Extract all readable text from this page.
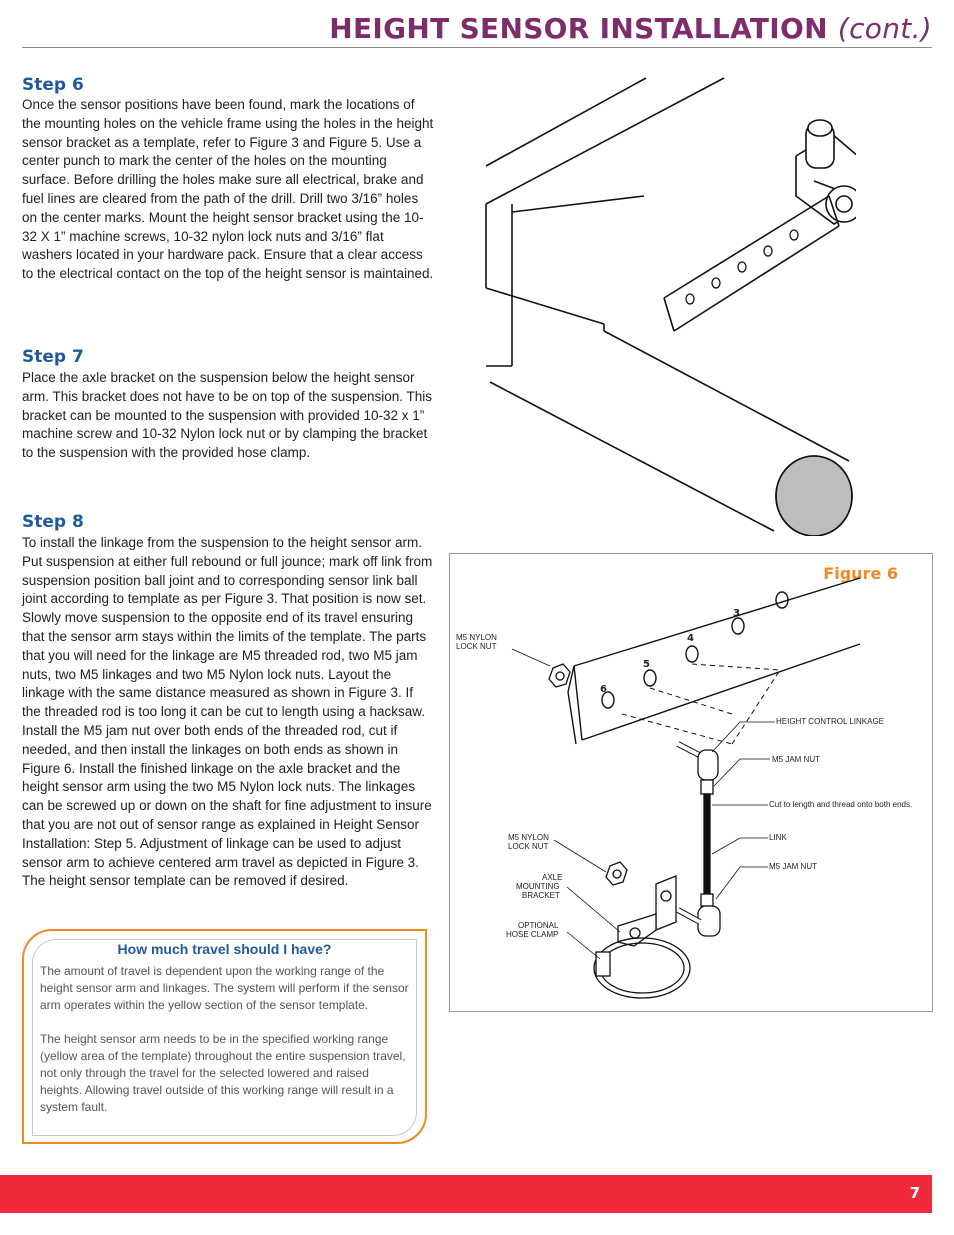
HEIGHT SENSOR INSTALLATION (cont.)
Step 6

Once the sensor positions have been found, mark the locations of the mounting holes on the vehicle frame using the holes in the height sensor bracket as a template, refer to Figure 3 and Figure 5. Use a center punch to mark the center of the holes on the mounting surface. Before drilling the holes make sure all electrical, brake and fuel lines are cleared from the path of the drill. Drill two 3/16” holes on the center marks. Mount the height sensor bracket using the 10-32 X 1” machine screws, 10-32 nylon lock nuts and 3/16” flat washers located in your hardware pack. Ensure that a clear access to the electrical contact on the top of the height sensor is maintained.

Step 7

Place the axle bracket on the suspension below the height sensor arm. This bracket does not have to be on top of the suspension. This bracket can be mounted to the suspension with provided 10-32 x 1” machine screw and 10-32 Nylon lock nut or by clamping the bracket to the suspension with the provided hose clamp.

Step 8

To install the linkage from the suspension to the height sensor arm. Put suspension at either full rebound or full jounce; mark off link from suspension position ball joint and to corresponding sensor link ball joint according to template as per Figure 3. That position is now set. Slowly move suspension to the opposite end of its travel ensuring that the sensor arm stays within the limits of the template. The parts that you will need for the linkage are M5 threaded rod, two M5 jam nuts, two M5 linkages and two M5 Nylon lock nuts. Layout the linkage with the same distance measured as shown in Figure 3. If the threaded rod is too long it can be cut to length using a hacksaw. Install the M5 jam nut over both ends of the threaded rod, cut if needed, and then install the linkages on both ends as shown in Figure 6. Install the finished linkage on the axle bracket and the height sensor arm using the two M5 Nylon lock nuts. The linkages can be screwed up or down on the shaft for fine adjustment to insure that you are not out of sensor range as explained in Height Sensor Installation: Step 5. Adjustment of linkage can be used to adjust sensor arm to achieve centered arm travel as depicted in Figure 3. The height sensor template can be removed if desired.

How much travel should I have?

The amount of travel is dependent upon the working range of the height sensor arm and linkages. The system will perform if the sensor arm operates within the yellow section of the sensor template.

The height sensor arm needs to be in the specified working range (yellow area of the template) throughout the entire suspension travel, not only through the travel for the selected lowered and raised heights. Allowing travel outside of this working range will result in a system fault.

Figure 6
3
4
5
6
M5 NYLON
LOCK NUT
HEIGHT CONTROL LINKAGE
M5 JAM NUT
Cut to length and thread onto both ends.
LINK
M5 JAM NUT
M5 NYLON
LOCK NUT
AXLE
MOUNTING
BRACKET
OPTIONAL
HOSE CLAMP
7
